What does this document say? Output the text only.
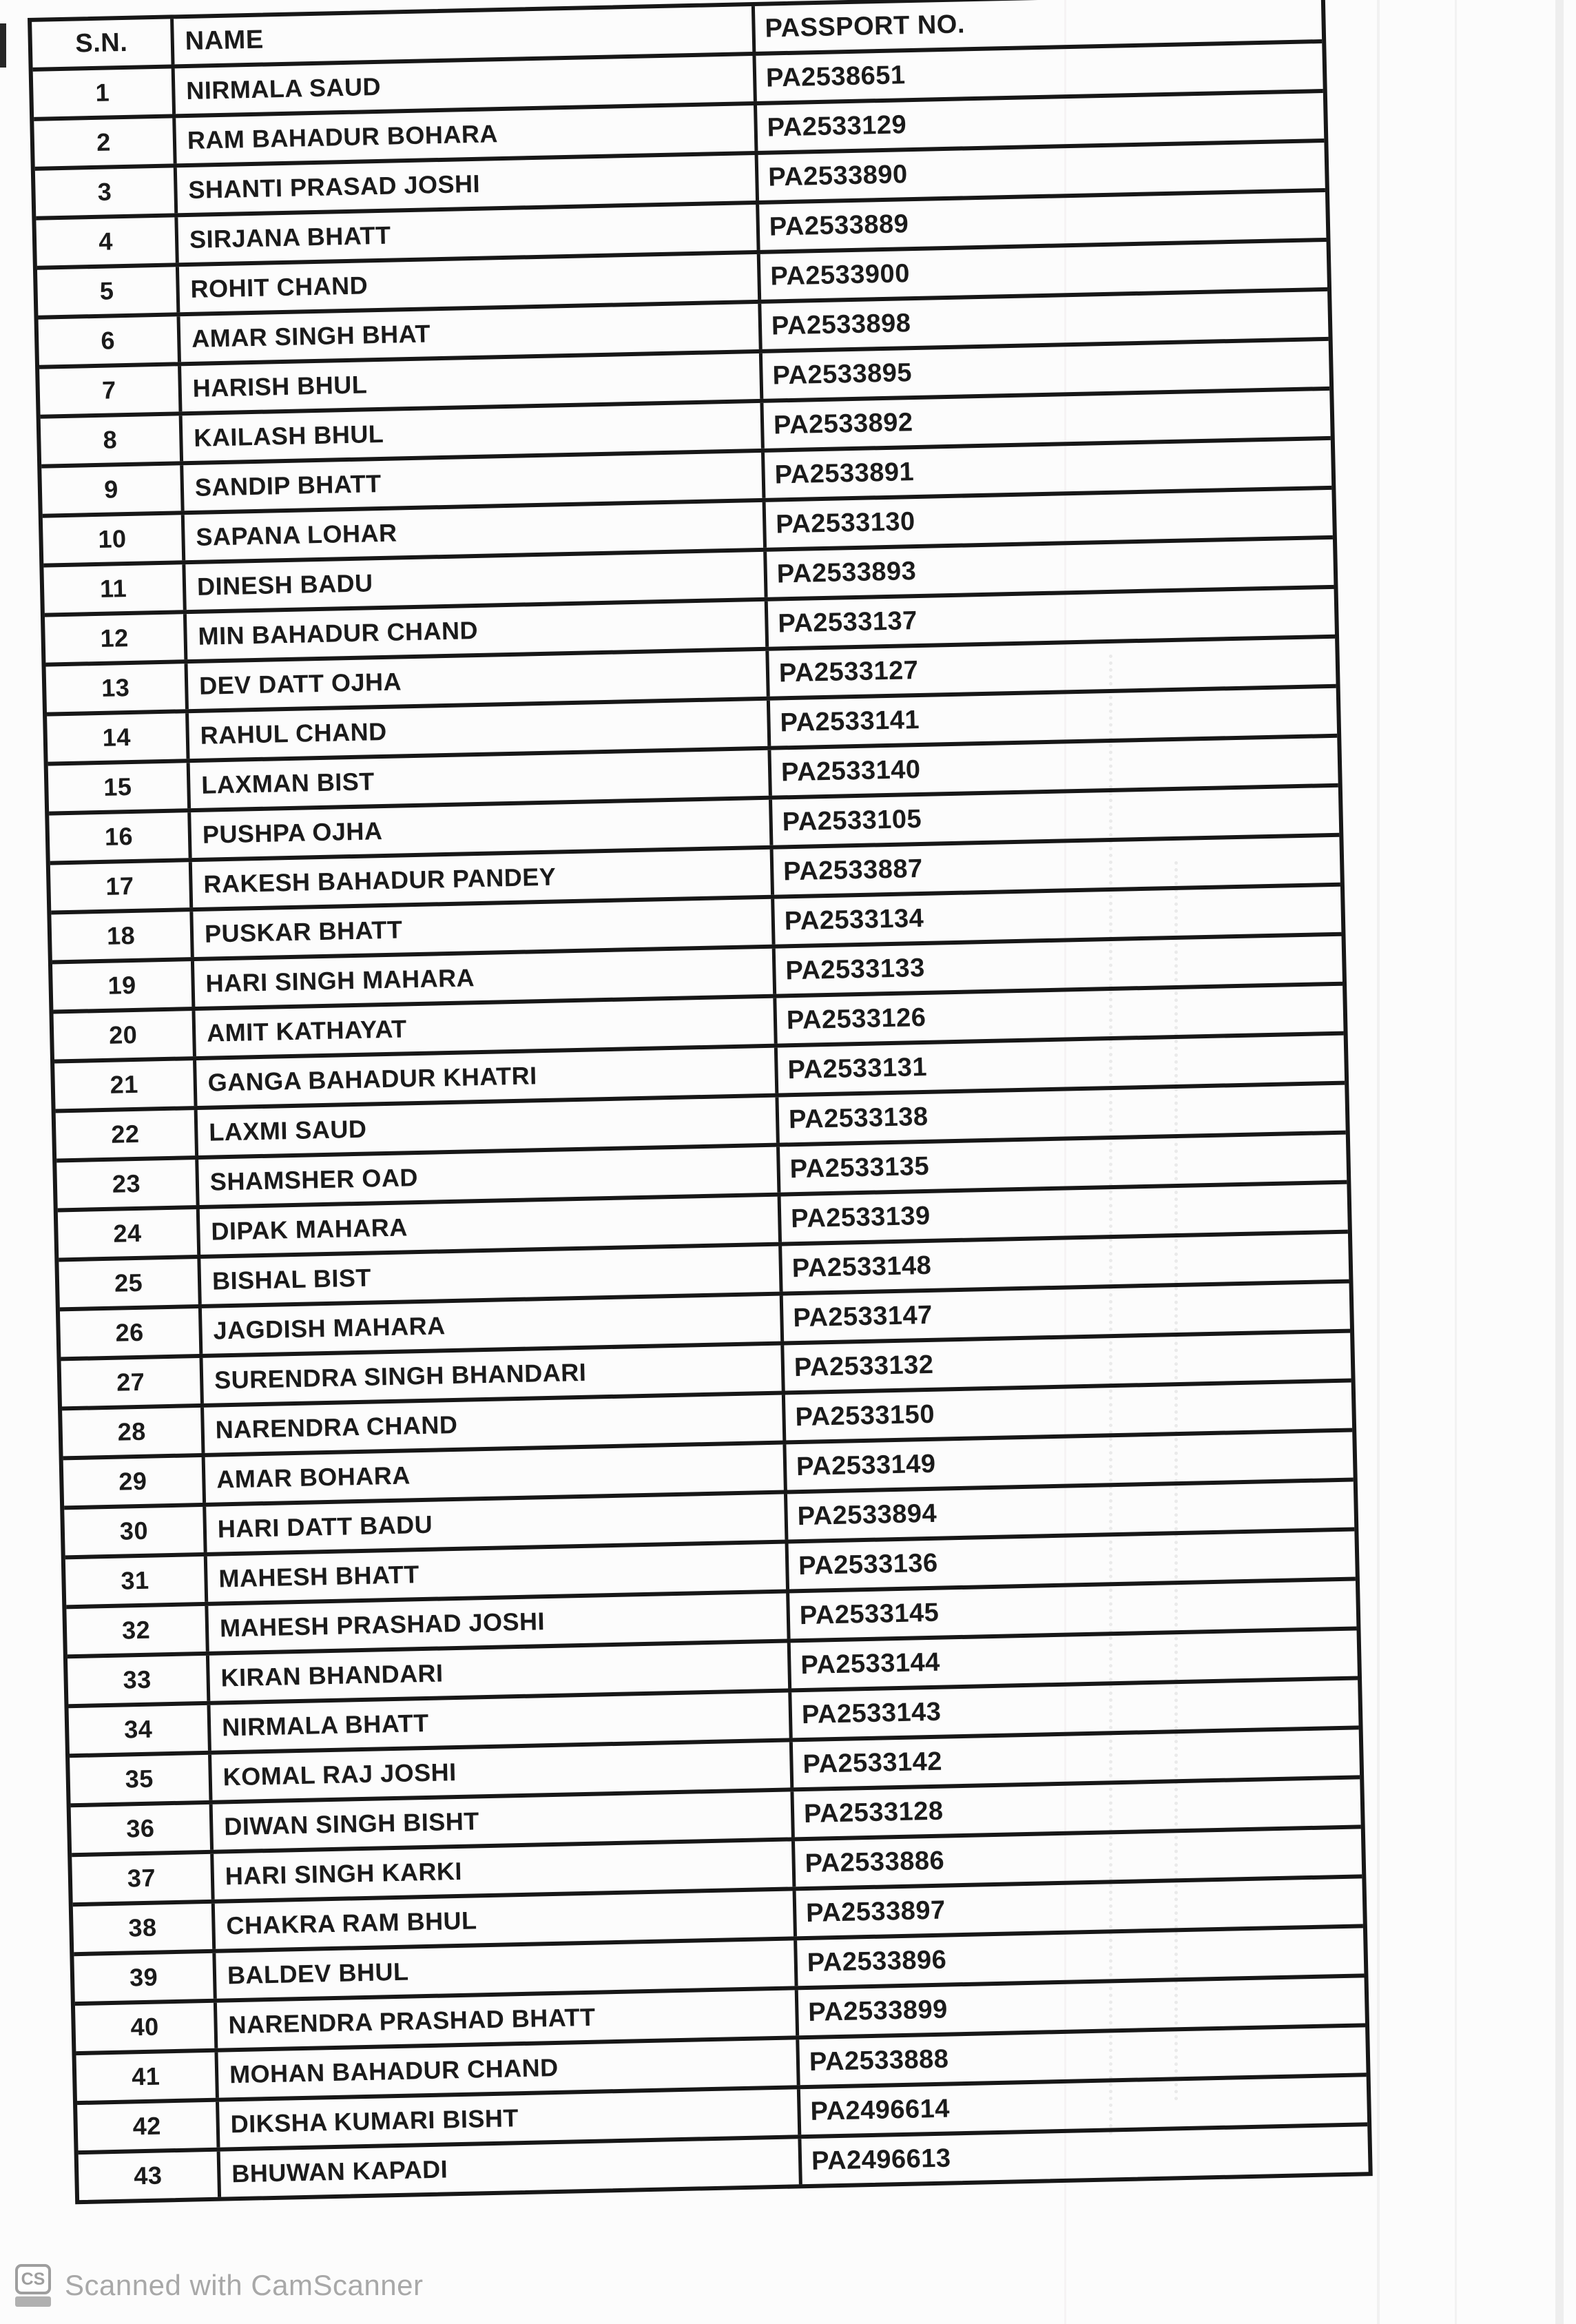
S.N.	NAME	PASSPORT NO.
1	NIRMALA SAUD	PA2538651
2	RAM BAHADUR BOHARA	PA2533129
3	SHANTI PRASAD JOSHI	PA2533890
4	SIRJANA BHATT	PA2533889
5	ROHIT CHAND	PA2533900
6	AMAR SINGH BHAT	PA2533898
7	HARISH BHUL	PA2533895
8	KAILASH BHUL	PA2533892
9	SANDIP BHATT	PA2533891
10	SAPANA LOHAR	PA2533130
11	DINESH BADU	PA2533893
12	MIN BAHADUR CHAND	PA2533137
13	DEV DATT OJHA	PA2533127
14	RAHUL CHAND	PA2533141
15	LAXMAN BIST	PA2533140
16	PUSHPA OJHA	PA2533105
17	RAKESH BAHADUR PANDEY	PA2533887
18	PUSKAR BHATT	PA2533134
19	HARI SINGH MAHARA	PA2533133
20	AMIT KATHAYAT	PA2533126
21	GANGA BAHADUR KHATRI	PA2533131
22	LAXMI SAUD	PA2533138
23	SHAMSHER OAD	PA2533135
24	DIPAK MAHARA	PA2533139
25	BISHAL BIST	PA2533148
26	JAGDISH MAHARA	PA2533147
27	SURENDRA SINGH BHANDARI	PA2533132
28	NARENDRA CHAND	PA2533150
29	AMAR BOHARA	PA2533149
30	HARI DATT BADU	PA2533894
31	MAHESH BHATT	PA2533136
32	MAHESH PRASHAD JOSHI	PA2533145
33	KIRAN BHANDARI	PA2533144
34	NIRMALA BHATT	PA2533143
35	KOMAL RAJ JOSHI	PA2533142
36	DIWAN SINGH BISHT	PA2533128
37	HARI SINGH KARKI	PA2533886
38	CHAKRA RAM BHUL	PA2533897
39	BALDEV BHUL	PA2533896
40	NARENDRA PRASHAD BHATT	PA2533899
41	MOHAN BAHADUR CHAND	PA2533888
42	DIKSHA KUMARI BISHT	PA2496614
43	BHUWAN KAPADI	PA2496613
CS Scanned with CamScanner
